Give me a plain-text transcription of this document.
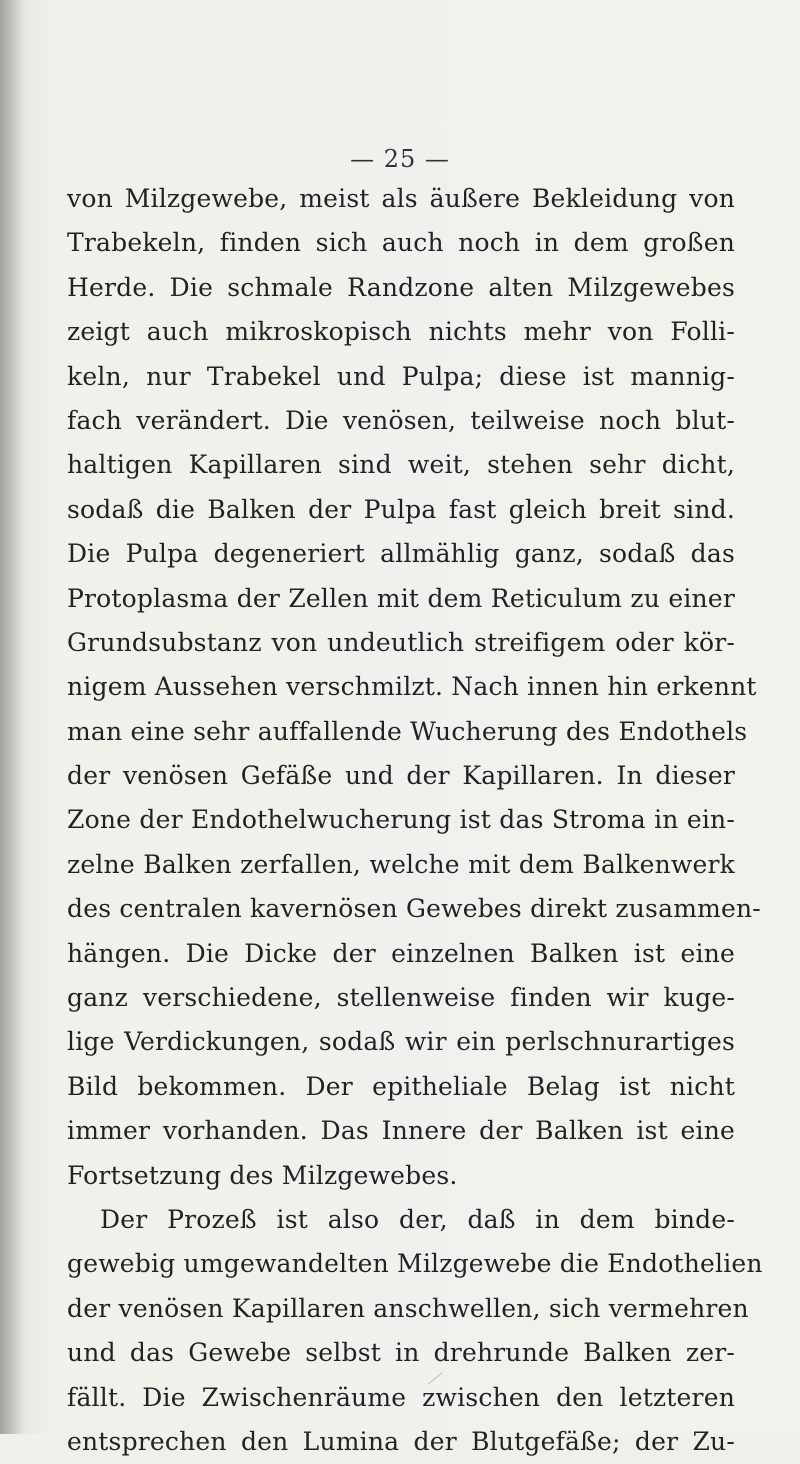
— 25 —
von Milzgewebe, meist als äußere Bekleidung von
Trabekeln, finden sich auch noch in dem großen
Herde. Die schmale Randzone alten Milzgewebes
zeigt auch mikroskopisch nichts mehr von Folli-
keln, nur Trabekel und Pulpa; diese ist mannig-
fach verändert. Die venösen, teilweise noch blut-
haltigen Kapillaren sind weit, stehen sehr dicht,
sodaß die Balken der Pulpa fast gleich breit sind.
Die Pulpa degeneriert allmählig ganz, sodaß das
Protoplasma der Zellen mit dem Reticulum zu einer
Grundsubstanz von undeutlich streifigem oder kör-
nigem Aussehen verschmilzt. Nach innen hin erkennt
man eine sehr auffallende Wucherung des Endothels
der venösen Gefäße und der Kapillaren. In dieser
Zone der Endothelwucherung ist das Stroma in ein-
zelne Balken zerfallen, welche mit dem Balkenwerk
des centralen kavernösen Gewebes direkt zusammen-
hängen. Die Dicke der einzelnen Balken ist eine
ganz verschiedene, stellenweise finden wir kuge-
lige Verdickungen, sodaß wir ein perlschnurartiges
Bild bekommen. Der epitheliale Belag ist nicht
immer vorhanden. Das Innere der Balken ist eine
Fortsetzung des Milzgewebes.
Der Prozeß ist also der, daß in dem binde-
gewebig umgewandelten Milzgewebe die Endothelien
der venösen Kapillaren anschwellen, sich vermehren
und das Gewebe selbst in drehrunde Balken zer-
fällt. Die Zwischenräume zwischen den letzteren
entsprechen den Lumina der Blutgefäße; der Zu-
